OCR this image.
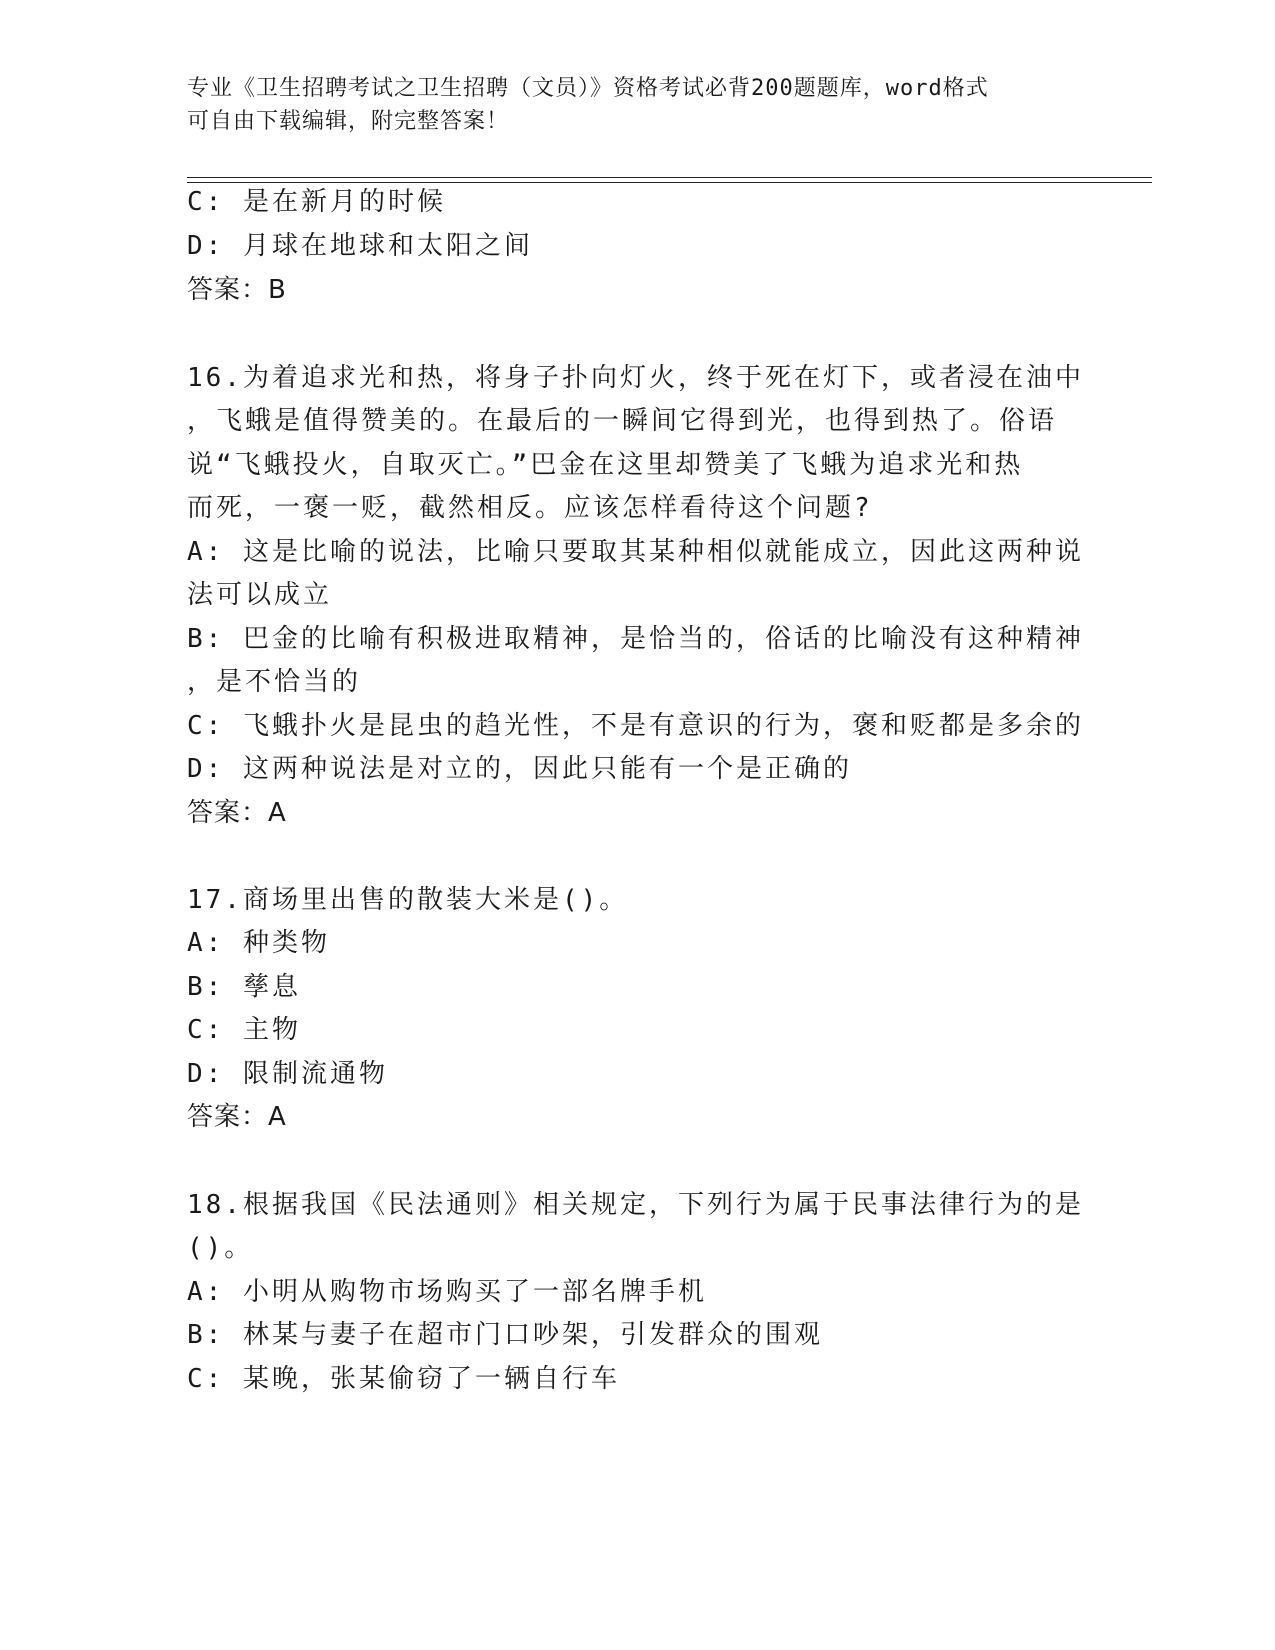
专业《卫生招聘考试之卫生招聘（文员）》资格考试必背200题题库，word格式
可自由下载编辑，附完整答案！
C: 是在新月的时候
D: 月球在地球和太阳之间
答案：B
16.为着追求光和热，将身子扑向灯火，终于死在灯下，或者浸在油中
，飞蛾是值得赞美的。在最后的一瞬间它得到光，也得到热了。俗语
说“飞蛾投火，自取灭亡。”巴金在这里却赞美了飞蛾为追求光和热
而死，一褒一贬，截然相反。应该怎样看待这个问题?
A: 这是比喻的说法，比喻只要取其某种相似就能成立，因此这两种说
法可以成立
B: 巴金的比喻有积极进取精神，是恰当的，俗话的比喻没有这种精神
，是不恰当的
C: 飞蛾扑火是昆虫的趋光性，不是有意识的行为，褒和贬都是多余的
D: 这两种说法是对立的，因此只能有一个是正确的
答案：A
17.商场里出售的散装大米是()。
A: 种类物
B: 孳息
C: 主物
D: 限制流通物
答案：A
18.根据我国《民法通则》相关规定，下列行为属于民事法律行为的是
()。
A: 小明从购物市场购买了一部名牌手机
B: 林某与妻子在超市门口吵架，引发群众的围观
C: 某晚，张某偷窃了一辆自行车
